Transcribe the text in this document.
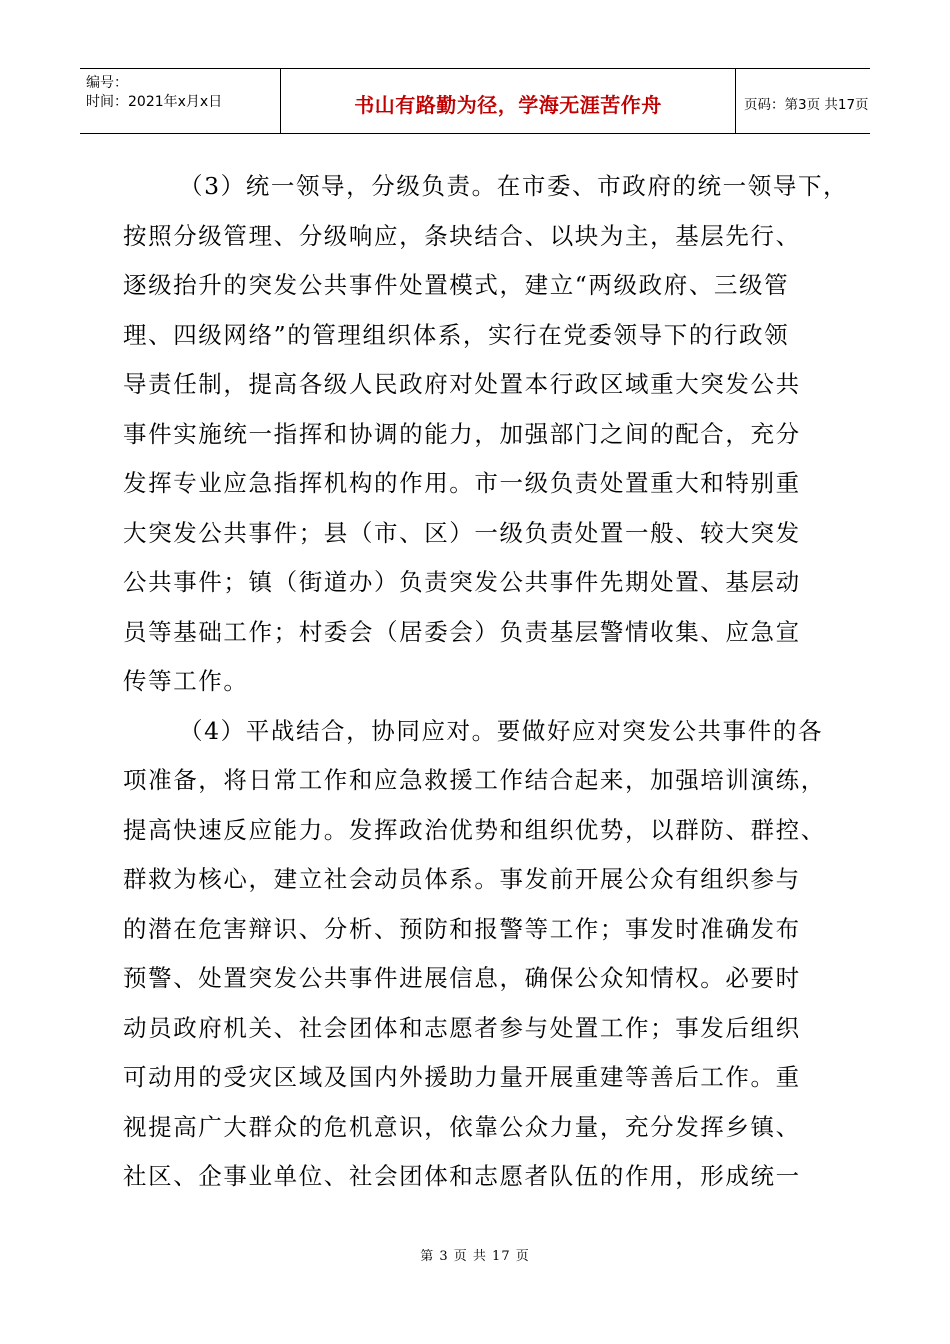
编号：
时间：2021年x月x日	书山有路勤为径，学海无涯苦作舟	页码：第3页 共17页
（3）统一领导，分级负责。在市委、市政府的统一领导下，
按照分级管理、分级响应，条块结合、以块为主，基层先行、
逐级抬升的突发公共事件处置模式，建立“两级政府、三级管
理、四级网络”的管理组织体系，实行在党委领导下的行政领
导责任制，提高各级人民政府对处置本行政区域重大突发公共
事件实施统一指挥和协调的能力，加强部门之间的配合，充分
发挥专业应急指挥机构的作用。市一级负责处置重大和特别重
大突发公共事件；县（市、区）一级负责处置一般、较大突发
公共事件；镇（街道办）负责突发公共事件先期处置、基层动
员等基础工作；村委会（居委会）负责基层警情收集、应急宣
传等工作。
（4）平战结合，协同应对。要做好应对突发公共事件的各
项准备，将日常工作和应急救援工作结合起来，加强培训演练，
提高快速反应能力。发挥政治优势和组织优势，以群防、群控、
群救为核心，建立社会动员体系。事发前开展公众有组织参与
的潜在危害辩识、分析、预防和报警等工作；事发时准确发布
预警、处置突发公共事件进展信息，确保公众知情权。必要时
动员政府机关、社会团体和志愿者参与处置工作；事发后组织
可动用的受灾区域及国内外援助力量开展重建等善后工作。重
视提高广大群众的危机意识，依靠公众力量，充分发挥乡镇、
社区、企事业单位、社会团体和志愿者队伍的作用，形成统一
第 3 页 共 17 页
